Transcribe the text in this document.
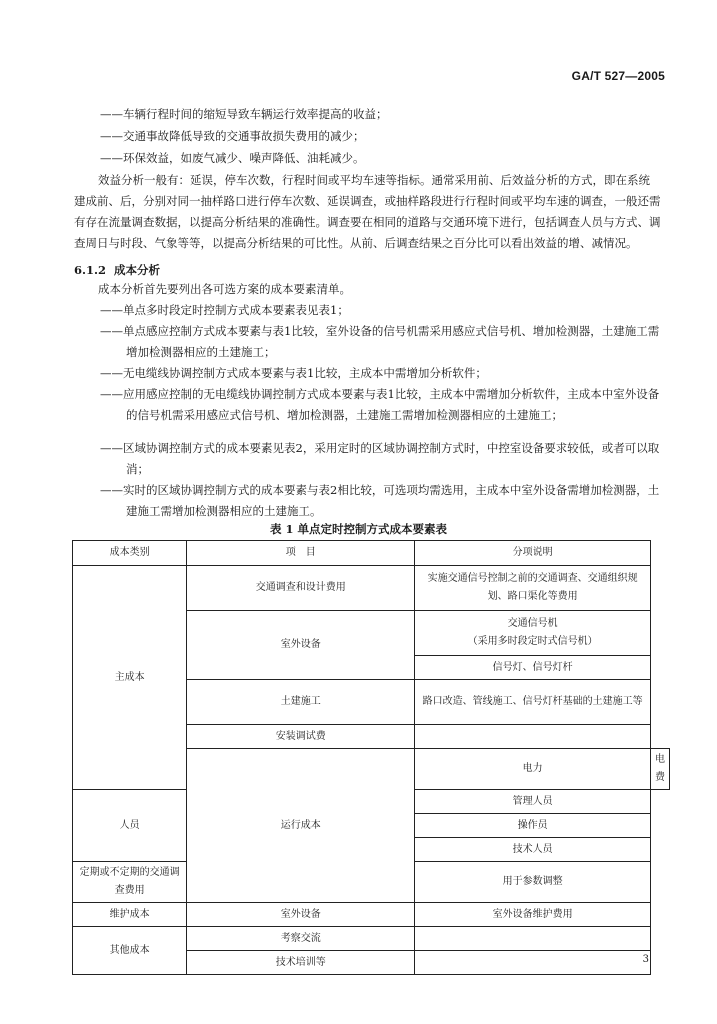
GA/T 527—2005
——车辆行程时间的缩短导致车辆运行效率提高的收益；
——交通事故降低导致的交通事故损失费用的减少；
——环保效益，如废气减少、噪声降低、油耗减少。
效益分析一般有：延误，停车次数，行程时间或平均车速等指标。通常采用前、后效益分析的方式，即在系统建成前、后，分别对同一抽样路口进行停车次数、延误调查，或抽样路段进行行程时间或平均车速的调查，一般还需有存在流量调查数据，以提高分析结果的准确性。调查要在相同的道路与交通环境下进行，包括调查人员与方式、调查周日与时段、气象等等，以提高分析结果的可比性。从前、后调查结果之百分比可以看出效益的增、减情况。
6.1.2 成本分析
成本分析首先要列出各可选方案的成本要素清单。
——单点多时段定时控制方式成本要素表见表1；
——单点感应控制方式成本要素与表1比较，室外设备的信号机需采用感应式信号机、增加检测器，土建施工需增加检测器相应的土建施工；
——无电缆线协调控制方式成本要素与表1比较，主成本中需增加分析软件；
——应用感应控制的无电缆线协调控制方式成本要素与表1比较，主成本中需增加分析软件，主成本中室外设备的信号机需采用感应式信号机、增加检测器，土建施工需增加检测器相应的土建施工；
——区域协调控制方式的成本要素见表2，采用定时的区域协调控制方式时，中控室设备要求较低，或者可以取消；
——实时的区域协调控制方式的成本要素与表2相比较，可选项均需选用，主成本中室外设备需增加检测器，土建施工需增加检测器相应的土建施工。
表 1 单点定时控制方式成本要素表
成本类别	项　目	分项说明	
主成本	交通调查和设计费用	实施交通信号控制之前的交通调查、交通组织规划、路口渠化等费用	
	室外设备	交通信号机
（采用多时段定时式信号机）	

		信号灯、信号灯杆	
	土建施工	路口改造、管线施工、信号灯杆基础的土建施工等	
	安装调试费		
	运行成本	电力	电费
人员		管理人员	
		操作员	
		技术人员	
定期或不定期的交通调查费用		用于参数调整	
维护成本	室外设备	室外设备维护费用	
其他成本	考察交流		
	技术培训等			3
